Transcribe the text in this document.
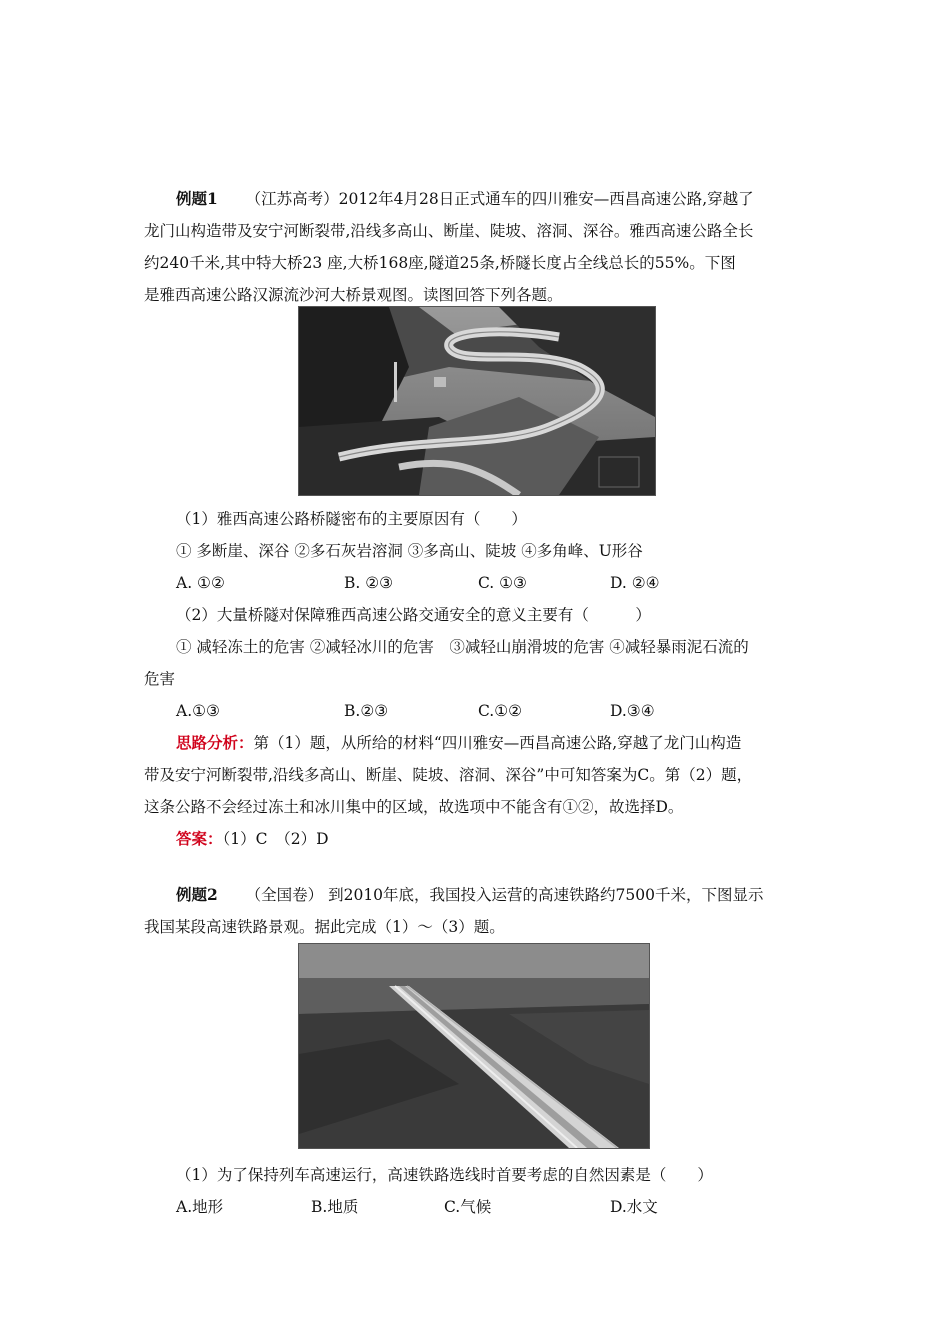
例题1 （江苏高考）2012年4月28日正式通车的四川雅安—西昌高速公路,穿越了
龙门山构造带及安宁河断裂带,沿线多高山、断崖、陡坡、溶洞、深谷。雅西高速公路全长
约240千米,其中特大桥23 座,大桥168座,隧道25条,桥隧长度占全线总长的55%。下图
是雅西高速公路汉源流沙河大桥景观图。读图回答下列各题。
（1）雅西高速公路桥隧密布的主要原因有（　　）
① 多断崖、深谷 ②多石灰岩溶洞 ③多高山、陡坡 ④多角峰、U形谷
A. ①②	B. ②③	C. ①③	D. ②④
（2）大量桥隧对保障雅西高速公路交通安全的意义主要有（　　　）
① 减轻冻土的危害 ②减轻冰川的危害　③减轻山崩滑坡的危害 ④减轻暴雨泥石流的
危害
A.①③	B.②③	C.①②	D.③④
思路分析：第（1）题，从所给的材料“四川雅安—西昌高速公路,穿越了龙门山构造
带及安宁河断裂带,沿线多高山、断崖、陡坡、溶洞、深谷”中可知答案为C。第（2）题，
这条公路不会经过冻土和冰川集中的区域，故选项中不能含有①②，故选择D。
答案：（1）C　（2）D
例题2 （全国卷） 到2010年底，我国投入运营的高速铁路约7500千米，下图显示
我国某段高速铁路景观。据此完成（1）～（3）题。
（1）为了保持列车高速运行，高速铁路选线时首要考虑的自然因素是（　　）
A.地形	B.地质	C.气候	D.水文
